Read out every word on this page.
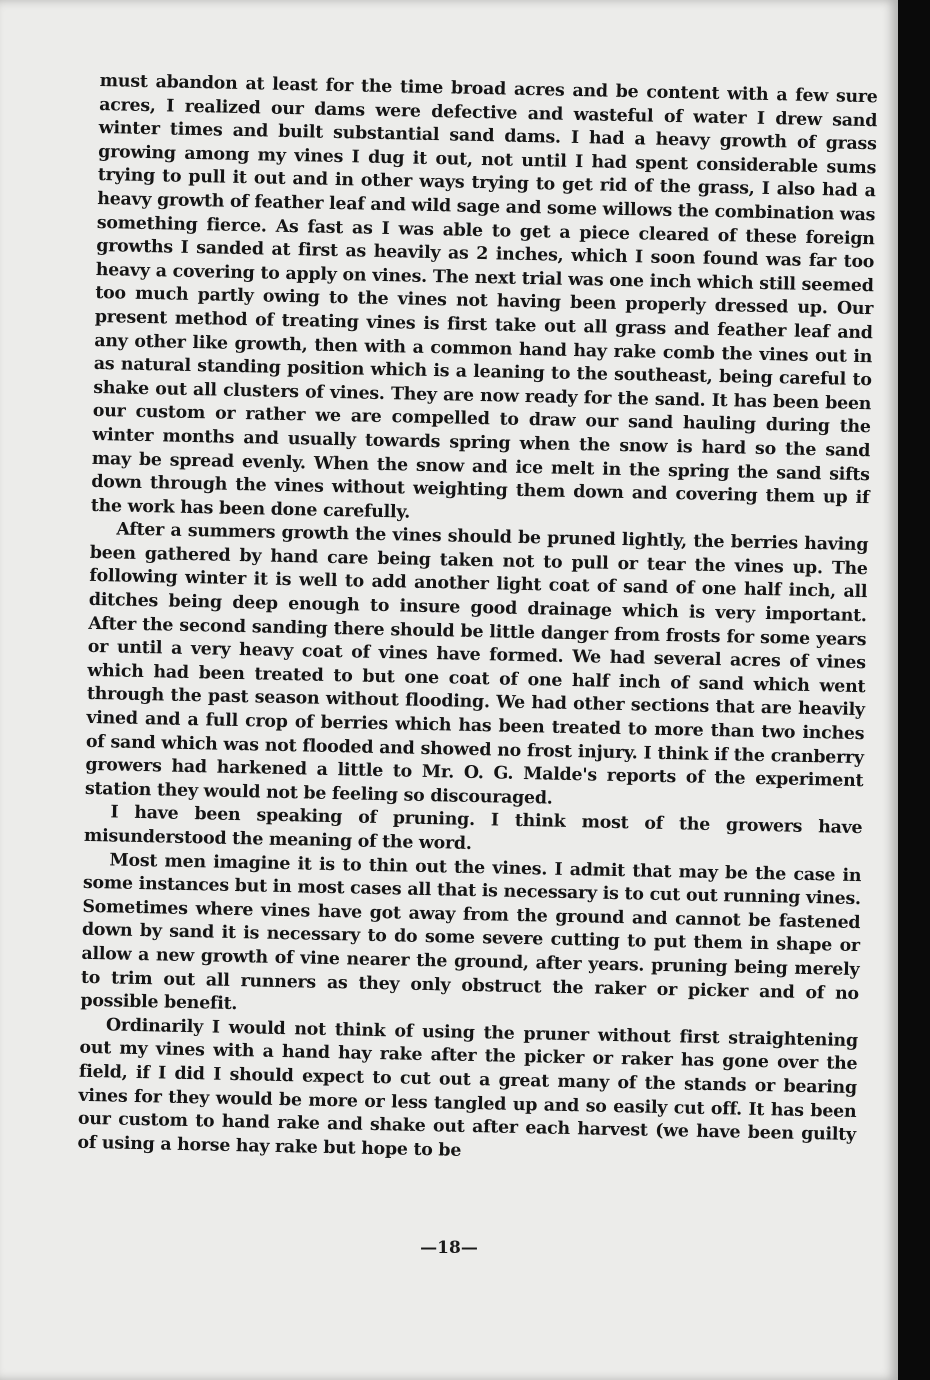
must abandon at least for the time broad acres and be content with a few sure acres, I realized our dams were defective and wasteful of water I drew sand winter times and built substantial sand dams. I had a heavy growth of grass growing among my vines I dug it out, not until I had spent considerable sums trying to pull it out and in other ways trying to get rid of the grass, I also had a heavy growth of feather leaf and wild sage and some willows the combination was something fierce. As fast as I was able to get a piece cleared of these foreign growths I sanded at first as heavily as 2 inches, which I soon found was far too heavy a covering to apply on vines. The next trial was one inch which still seemed too much partly owing to the vines not having been properly dressed up. Our present method of treating vines is first take out all grass and feather leaf and any other like growth, then with a common hand hay rake comb the vines out in as natural standing position which is a leaning to the southeast, being careful to shake out all clusters of vines. They are now ready for the sand. It has been been our custom or rather we are compelled to draw our sand hauling during the winter months and usually towards spring when the snow is hard so the sand may be spread evenly. When the snow and ice melt in the spring the sand sifts down through the vines without weighting them down and covering them up if the work has been done carefully.

After a summers growth the vines should be pruned lightly, the berries having been gathered by hand care being taken not to pull or tear the vines up. The following winter it is well to add another light coat of sand of one half inch, all ditches being deep enough to insure good drainage which is very important. After the second sanding there should be little danger from frosts for some years or until a very heavy coat of vines have formed. We had several acres of vines which had been treated to but one coat of one half inch of sand which went through the past season without flooding. We had other sections that are heavily vined and a full crop of berries which has been treated to more than two inches of sand which was not flooded and showed no frost injury. I think if the cranberry growers had harkened a little to Mr. O. G. Malde's reports of the experiment station they would not be feeling so discouraged.

I have been speaking of pruning. I think most of the growers have misunderstood the meaning of the word.

Most men imagine it is to thin out the vines. I admit that may be the case in some instances but in most cases all that is necessary is to cut out running vines. Sometimes where vines have got away from the ground and cannot be fastened down by sand it is necessary to do some severe cutting to put them in shape or allow a new growth of vine nearer the ground, after years. pruning being merely to trim out all runners as they only obstruct the raker or picker and of no possible benefit.

Ordinarily I would not think of using the pruner without first straightening out my vines with a hand hay rake after the picker or raker has gone over the field, if I did I should expect to cut out a great many of the stands or bearing vines for they would be more or less tangled up and so easily cut off. It has been our custom to hand rake and shake out after each harvest (we have been guilty of using a horse hay rake but hope to be

—18—
